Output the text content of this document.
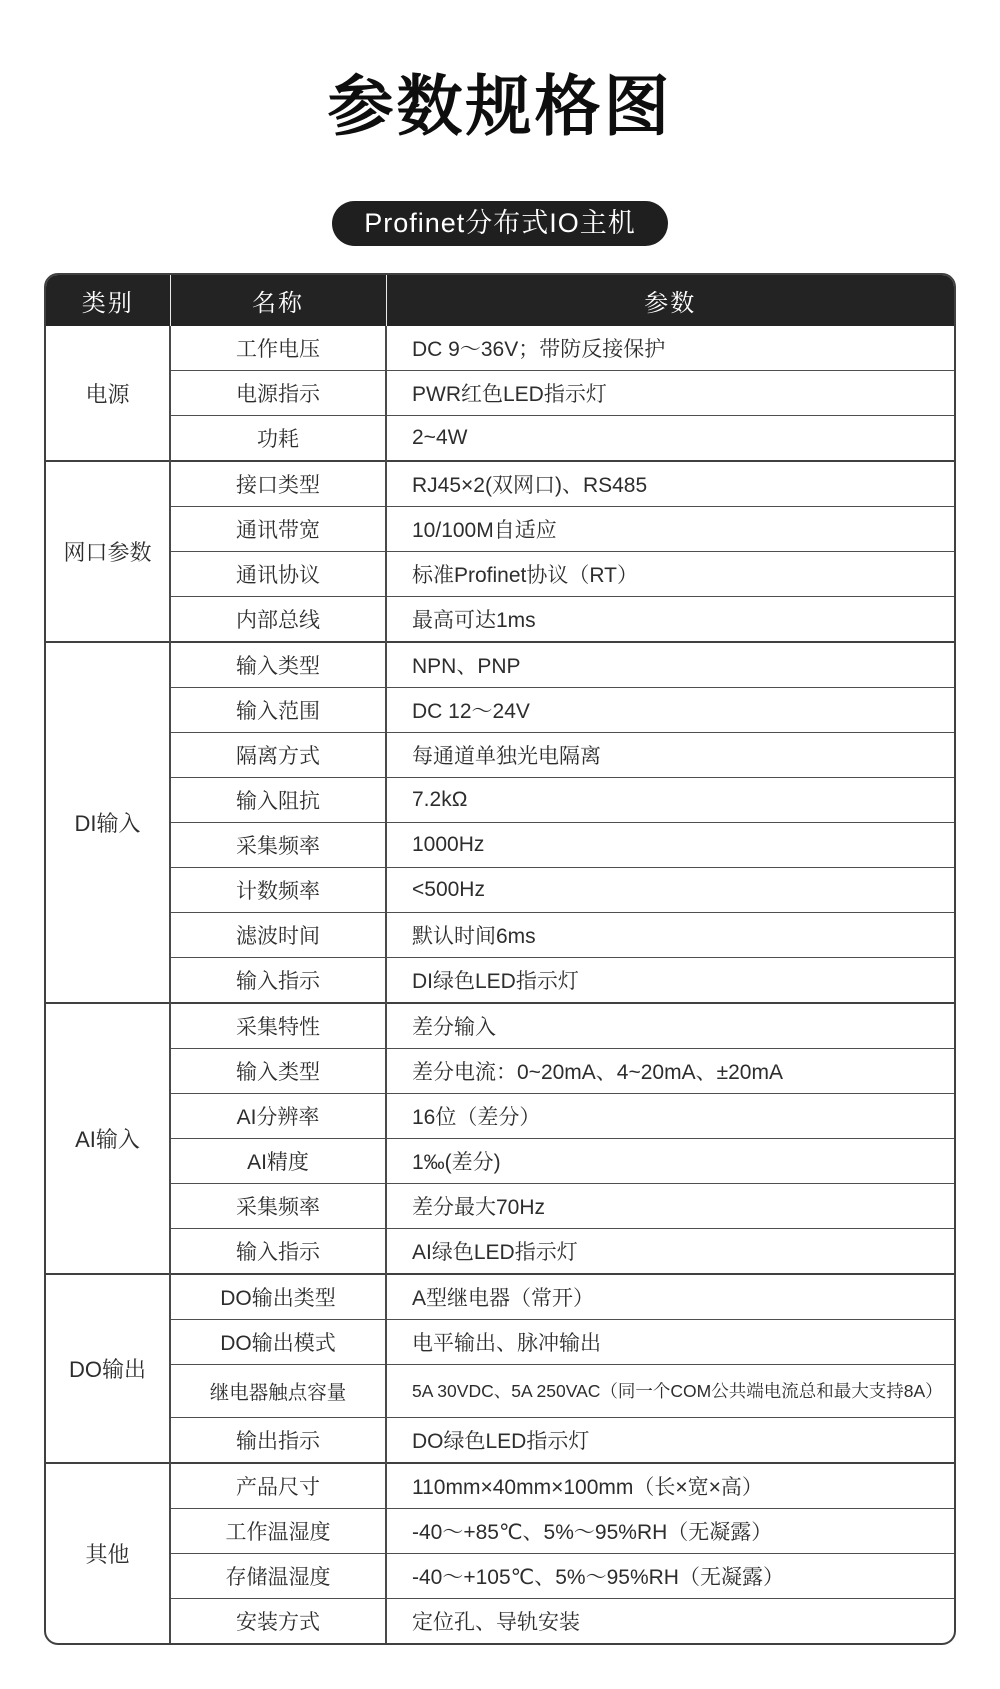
参数规格图
Profinet分布式IO主机
类别	名称	参数
电源	工作电压	DC 9～36V；带防反接保护
	电源指示	PWR红色LED指示灯
	功耗	2~4W
网口参数	接口类型	RJ45×2(双网口)、RS485
	通讯带宽	10/100M自适应
	通讯协议	标准Profinet协议（RT）
	内部总线	最高可达1ms
DI输入	输入类型	NPN、PNP
	输入范围	DC 12～24V
	隔离方式	每通道单独光电隔离
	输入阻抗	7.2kΩ
	采集频率	1000Hz
	计数频率	<500Hz
	滤波时间	默认时间6ms
	输入指示	DI绿色LED指示灯
AI输入	采集特性	差分输入
	输入类型	差分电流：0~20mA、4~20mA、±20mA
	AI分辨率	16位（差分）
	AI精度	1‰(差分)
	采集频率	差分最大70Hz
	输入指示	AI绿色LED指示灯
DO输出	DO输出类型	A型继电器（常开）
	DO输出模式	电平输出、脉冲输出
	继电器触点容量	5A 30VDC、5A 250VAC（同一个COM公共端电流总和最大支持8A）
	输出指示	DO绿色LED指示灯
其他	产品尺寸	110mm×40mm×100mm（长×宽×高）
	工作温湿度	-40～+85℃、5%～95%RH（无凝露）
	存储温湿度	-40～+105℃、5%～95%RH（无凝露）
	安装方式	定位孔、导轨安装
